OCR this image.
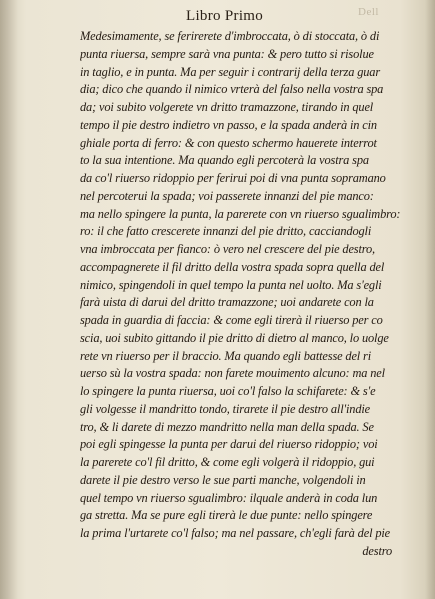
Libro Primo	Dell
Medesimamente, se ferirerete d'imbroccata, ò di stoccata, ò di
punta riuersa, sempre sarà vna punta: & pero tutto si risolue
in taglio, e in punta. Ma per seguir i contrarij della terza guar
dia; dico che quando il nimico vrterà del falso nella vostra spa
da; voi subito volgerete vn dritto tramazzone, tirando in quel
tempo il pie destro indietro vn passo, e la spada anderà in cin
ghiale porta di ferro: & con questo schermo hauerete interrot
to la sua intentione. Ma quando egli percoterà la vostra spa
da co'l riuerso ridoppio per ferirui poi di vna punta sopramano
nel percoterui la spada; voi passerete innanzi del pie manco:
ma nello spingere la punta, la parerete con vn riuerso sgualimbro:
ro: il che fatto crescerete innanzi del pie dritto, cacciandogli
vna imbroccata per fianco: ò vero nel crescere del pie destro,
accompagnerete il fil dritto della vostra spada sopra quella del
nimico, spingendoli in quel tempo la punta nel uolto. Ma s'egli
farà uista di darui del dritto tramazzone; uoi andarete con la
spada in guardia di faccia: & come egli tirerà il riuerso per co
scia, uoi subito gittando il pie dritto di dietro al manco, lo uolge
rete vn riuerso per il braccio. Ma quando egli battesse del ri
uerso sù la vostra spada: non farete mouimento alcuno: ma nel
lo spingere la punta riuersa, uoi co'l falso la schifarete: & s'e
gli volgesse il mandritto tondo, tirarete il pie destro all'indie
tro, & li darete di mezzo mandritto nella man della spada. Se
poi egli spingesse la punta per darui del riuerso ridoppio; voi
la parerete co'l fil dritto, & come egli volgerà il ridoppio, gui
darete il pie destro verso le sue parti manche, volgendoli in
quel tempo vn riuerso sgualimbro: ilquale anderà in coda lun
ga stretta. Ma se pure egli tirerà le due punte: nello spingere
la prima l'urtarete co'l falso; ma nel passare, ch'egli farà del pie
destro
